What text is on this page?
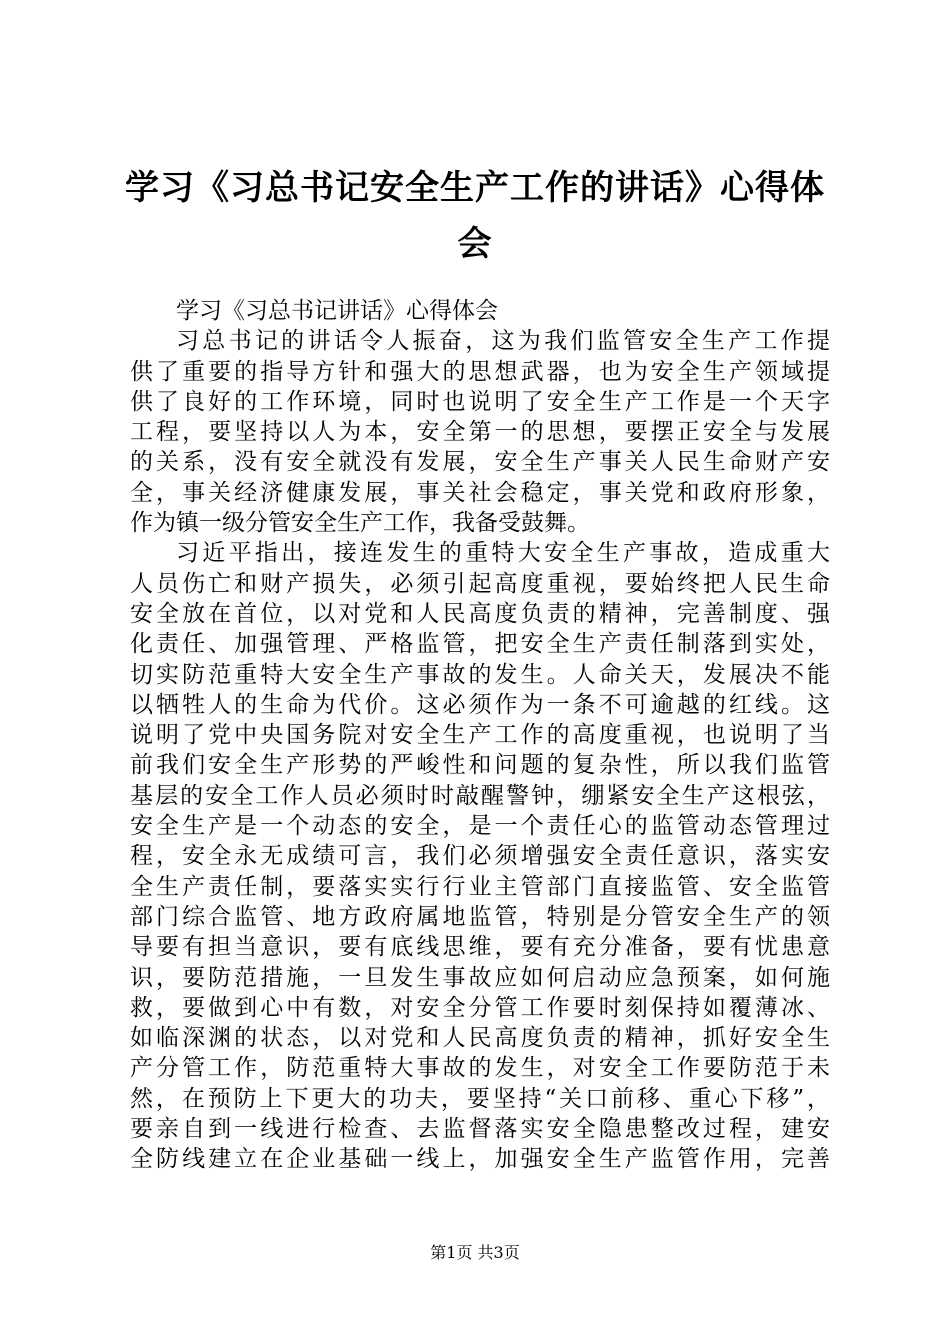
学习《习总书记安全生产工作的讲话》心得体
会
学习《习总书记讲话》心得体会
习总书记的讲话令人振奋，这为我们监管安全生产工作提
供了重要的指导方针和强大的思想武器，也为安全生产领域提
供了良好的工作环境，同时也说明了安全生产工作是一个天字
工程，要坚持以人为本，安全第一的思想，要摆正安全与发展
的关系，没有安全就没有发展，安全生产事关人民生命财产安
全，事关经济健康发展，事关社会稳定，事关党和政府形象，
作为镇一级分管安全生产工作，我备受鼓舞。
习近平指出，接连发生的重特大安全生产事故，造成重大
人员伤亡和财产损失，必须引起高度重视，要始终把人民生命
安全放在首位，以对党和人民高度负责的精神，完善制度、强
化责任、加强管理、严格监管，把安全生产责任制落到实处，
切实防范重特大安全生产事故的发生。人命关天，发展决不能
以牺牲人的生命为代价。这必须作为一条不可逾越的红线。这
说明了党中央国务院对安全生产工作的高度重视，也说明了当
前我们安全生产形势的严峻性和问题的复杂性，所以我们监管
基层的安全工作人员必须时时敲醒警钟，绷紧安全生产这根弦，
安全生产是一个动态的安全，是一个责任心的监管动态管理过
程，安全永无成绩可言，我们必须增强安全责任意识，落实安
全生产责任制，要落实实行行业主管部门直接监管、安全监管
部门综合监管、地方政府属地监管，特别是分管安全生产的领
导要有担当意识，要有底线思维，要有充分准备，要有忧患意
识，要防范措施，一旦发生事故应如何启动应急预案，如何施
救，要做到心中有数，对安全分管工作要时刻保持如覆薄冰、
如临深渊的状态，以对党和人民高度负责的精神，抓好安全生
产分管工作，防范重特大事故的发生，对安全工作要防范于未
然，在预防上下更大的功夫，要坚持“关口前移、重心下移”，
要亲自到一线进行检查、去监督落实安全隐患整改过程，建安
全防线建立在企业基础一线上，加强安全生产监管作用，完善
第1页 共3页
